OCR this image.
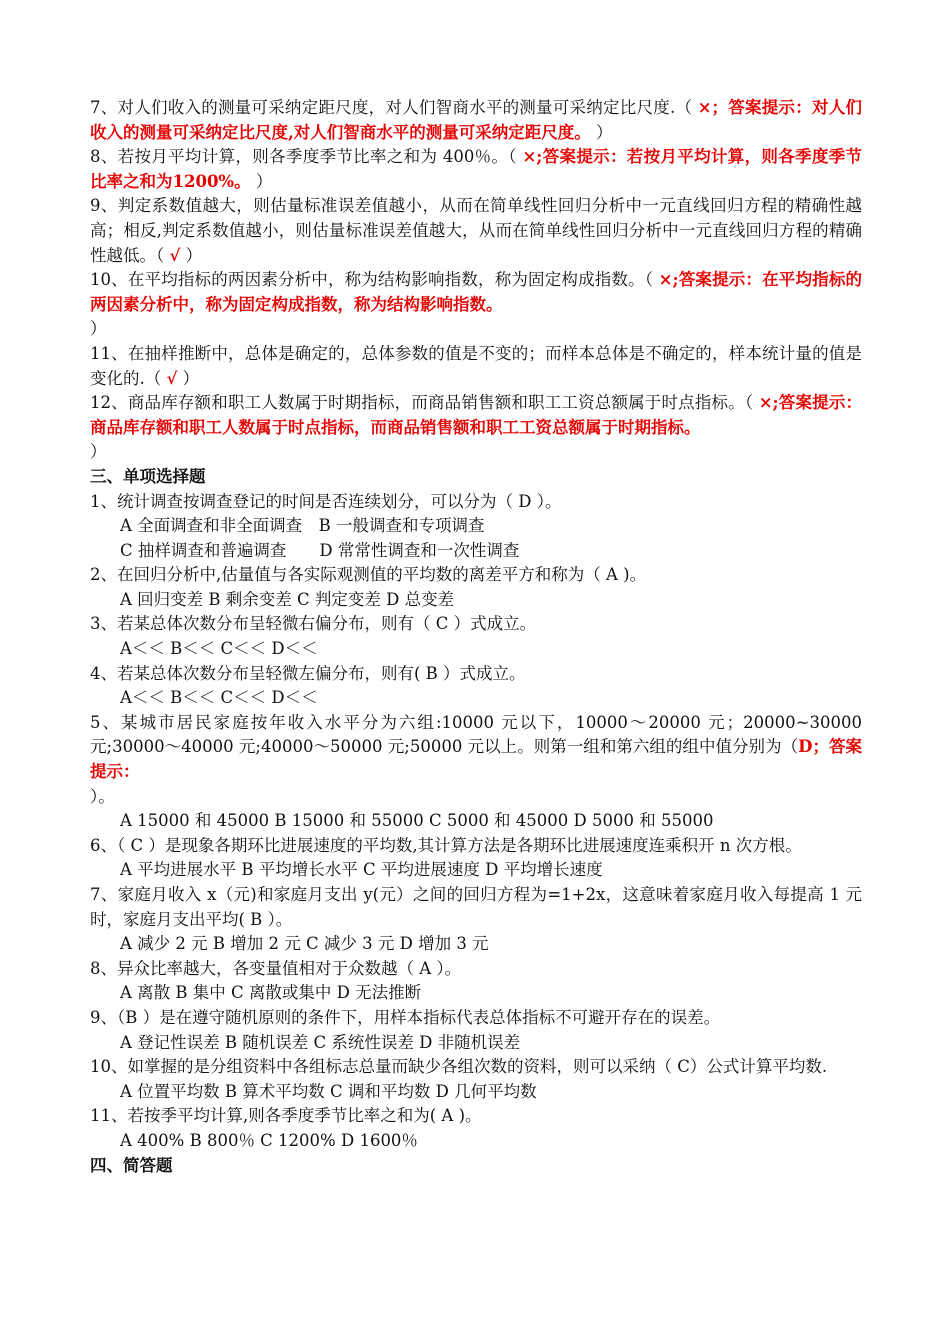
7、对人们收入的测量可采纳定距尺度，对人们智商水平的测量可采纳定比尺度.（ ×；答案提示：对人们收入的测量可采纳定比尺度,对人们智商水平的测量可采纳定距尺度。 ）

8、若按月平均计算，则各季度季节比率之和为 400％。（ ×;答案提示：若按月平均计算，则各季度季节比率之和为1200%。 ）

9、判定系数值越大，则估量标准误差值越小，从而在简单线性回归分析中一元直线回归方程的精确性越高；相反,判定系数值越小，则估量标准误差值越大，从而在简单线性回归分析中一元直线回归方程的精确性越低。（ √ ）

10、在平均指标的两因素分析中，称为结构影响指数，称为固定构成指数。（ ×;答案提示：在平均指标的两因素分析中，称为固定构成指数，称为结构影响指数。
）

11、在抽样推断中，总体是确定的，总体参数的值是不变的；而样本总体是不确定的，样本统计量的值是变化的.（ √ ）

12、商品库存额和职工人数属于时期指标，而商品销售额和职工工资总额属于时点指标。（ ×;答案提示：商品库存额和职工人数属于时点指标，而商品销售额和职工工资总额属于时期指标。
）

三、单项选择题

1、统计调查按调查登记的时间是否连续划分，可以分为（ D ）。

A 全面调查和非全面调查　B 一般调查和专项调查

C 抽样调查和普遍调查　　D 常常性调查和一次性调查

2、在回归分析中,估量值与各实际观测值的平均数的离差平方和称为（ A )。

A 回归变差 B 剩余变差 C 判定变差 D 总变差

3、若某总体次数分布呈轻微右偏分布，则有（ C ）式成立。

A＜＜ B＜＜ C＜＜ D＜＜

4、若某总体次数分布呈轻微左偏分布，则有( B ）式成立。

A＜＜ B＜＜ C＜＜ D＜＜

5、某城市居民家庭按年收入水平分为六组:10000 元以下，10000～20000 元；20000~30000 元;30000～40000 元;40000～50000 元;50000 元以上。则第一组和第六组的组中值分别为（D；答案提示：
）。

A 15000 和 45000 B 15000 和 55000 C 5000 和 45000 D 5000 和 55000

6、（ C ）是现象各期环比进展速度的平均数,其计算方法是各期环比进展速度连乘积开 n 次方根。

A 平均进展水平 B 平均增长水平 C 平均进展速度 D 平均增长速度

7、家庭月收入 x（元)和家庭月支出 y(元）之间的回归方程为=1+2x，这意味着家庭月收入每提高 1 元时，家庭月支出平均( B ）。

A 减少 2 元 B 增加 2 元 C 减少 3 元 D 增加 3 元

8、异众比率越大，各变量值相对于众数越（ A ）。

A 离散 B 集中 C 离散或集中 D 无法推断

9、（B ）是在遵守随机原则的条件下，用样本指标代表总体指标不可避开存在的误差。

A 登记性误差 B 随机误差 C 系统性误差 D 非随机误差

10、如掌握的是分组资料中各组标志总量而缺少各组次数的资料，则可以采纳（ C）公式计算平均数.

A 位置平均数 B 算术平均数 C 调和平均数 D 几何平均数

11、若按季平均计算,则各季度季节比率之和为( A )。

A 400% B 800％ C 1200% D 1600％

四、简答题
